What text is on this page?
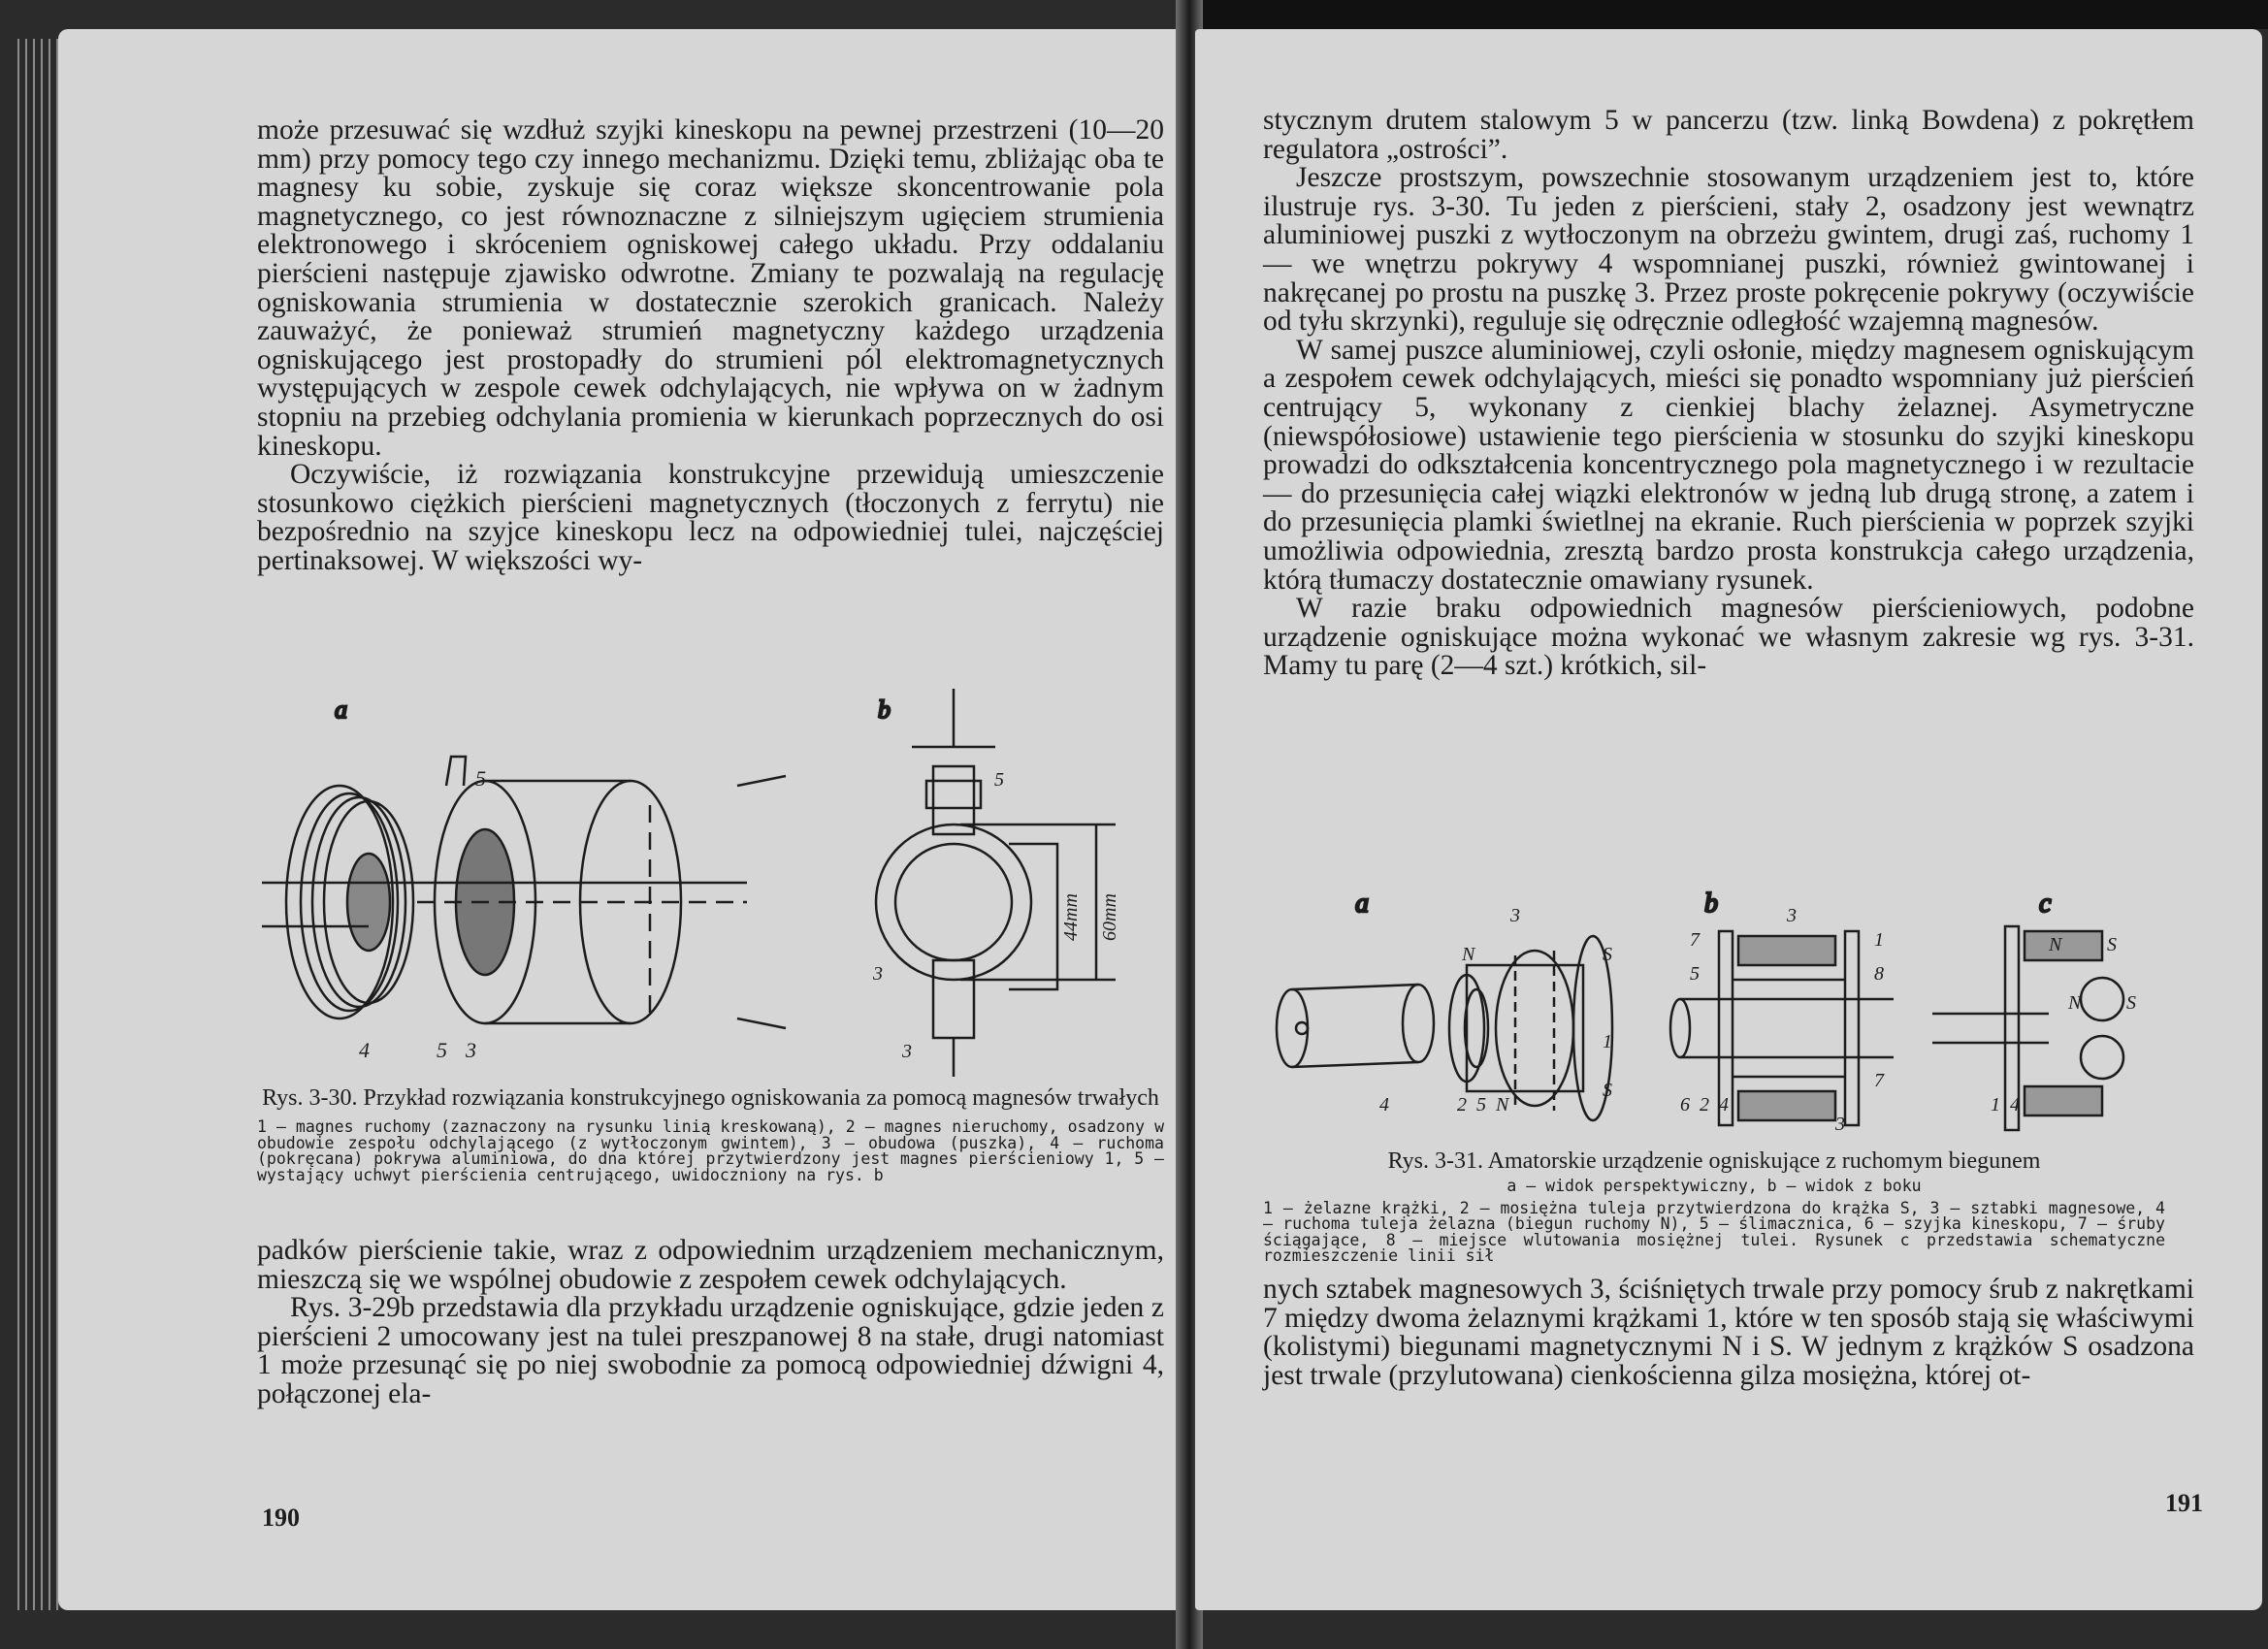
może przesuwać się wzdłuż szyjki kineskopu na pewnej przestrzeni (10—20 mm) przy pomocy tego czy innego mechanizmu. Dzięki temu, zbliżając oba te magnesy ku sobie, zyskuje się coraz większe skoncentrowanie pola magnetycznego, co jest równoznaczne z silniejszym ugięciem strumienia elektronowego i skróceniem ogniskowej całego układu. Przy oddalaniu pierścieni następuje zjawisko odwrotne. Zmiany te pozwalają na regulację ogniskowania strumienia w dostatecznie szerokich granicach. Należy zauważyć, że ponieważ strumień magnetyczny każdego urządzenia ogniskującego jest prostopadły do strumieni pól elektromagnetycznych występujących w zespole cewek odchylających, nie wpływa on w żadnym stopniu na przebieg odchylania promienia w kierunkach poprzecznych do osi kineskopu.

Oczywiście, iż rozwiązania konstrukcyjne przewidują umieszczenie stosunkowo ciężkich pierścieni magnetycznych (tłoczonych z ferrytu) nie bezpośrednio na szyjce kineskopu lecz na odpowiedniej tulei, najczęściej pertinaksowej. W większości wy-

a
5
3
5
4
b
5
3
3
44mm 60mm
Rys. 3-30. Przykład rozwiązania konstrukcyjnego ogniskowania za pomocą magnesów trwałych
1 — magnes ruchomy (zaznaczony na rysunku linią kreskowaną), 2 — magnes nieruchomy, osadzony w obudowie zespołu odchylającego (z wytłoczonym gwintem), 3 — obudowa (puszka), 4 — ruchoma (pokręcana) pokrywa aluminiowa, do dna której przytwierdzony jest magnes pierścieniowy 1, 5 — wystający uchwyt pierścienia centrującego, uwidoczniony na rys. b

padków pierścienie takie, wraz z odpowiednim urządzeniem mechanicznym, mieszczą się we wspólnej obudowie z zespołem cewek odchylających.

Rys. 3-29b przedstawia dla przykładu urządzenie ogniskujące, gdzie jeden z pierścieni 2 umocowany jest na tulei preszpanowej 8 na stałe, drugi natomiast 1 może przesunąć się po niej swobodnie za pomocą odpowiedniej dźwigni 4, połączonej ela-

190

stycznym drutem stalowym 5 w pancerzu (tzw. linką Bowdena) z pokrętłem regulatora „ostrości”.

Jeszcze prostszym, powszechnie stosowanym urządzeniem jest to, które ilustruje rys. 3-30. Tu jeden z pierścieni, stały 2, osadzony jest wewnątrz aluminiowej puszki z wytłoczonym na obrzeżu gwintem, drugi zaś, ruchomy 1 — we wnętrzu pokrywy 4 wspomnianej puszki, również gwintowanej i nakręcanej po prostu na puszkę 3. Przez proste pokręcenie pokrywy (oczywiście od tyłu skrzynki), reguluje się odręcznie odległość wzajemną magnesów.

W samej puszce aluminiowej, czyli osłonie, między magnesem ogniskującym a zespołem cewek odchylających, mieści się ponadto wspomniany już pierścień centrujący 5, wykonany z cienkiej blachy żelaznej. Asymetryczne (niewspółosiowe) ustawienie tego pierścienia w stosunku do szyjki kineskopu prowadzi do odkształcenia koncentrycznego pola magnetycznego i w rezultacie — do przesunięcia całej wiązki elektronów w jedną lub drugą stronę, a zatem i do przesunięcia plamki świetlnej na ekranie. Ruch pierścienia w poprzek szyjki umożliwia odpowiednia, zresztą bardzo prosta konstrukcja całego urządzenia, którą tłumaczy dostatecznie omawiany rysunek.

W razie braku odpowiednich magnesów pierścieniowych, podobne urządzenie ogniskujące można wykonać we własnym zakresie wg rys. 3-31. Mamy tu parę (2—4 szt.) krótkich, sil-

a	3
N	S
1
S
4	2 5 N
b	3
7
5
1
8
6 2 4
7
3
c
N S
N S
1 4
Rys. 3-31. Amatorskie urządzenie ogniskujące z ruchomym biegunem
a — widok perspektywiczny, b — widok z boku
1 — żelazne krążki, 2 — mosiężna tuleja przytwierdzona do krążka S, 3 — sztabki magnesowe, 4 — ruchoma tuleja żelazna (biegun ruchomy N), 5 — ślimacznica, 6 — szyjka kineskopu, 7 — śruby ściągające, 8 — miejsce wlutowania mosiężnej tulei. Rysunek c przedstawia schematyczne rozmieszczenie linii sił

nych sztabek magnesowych 3, ściśniętych trwale przy pomocy śrub z nakrętkami 7 między dwoma żelaznymi krążkami 1, które w ten sposób stają się właściwymi (kolistymi) biegunami magnetycznymi N i S. W jednym z krążków S osadzona jest trwale (przylutowana) cienkościenna gilza mosiężna, której ot-

191
